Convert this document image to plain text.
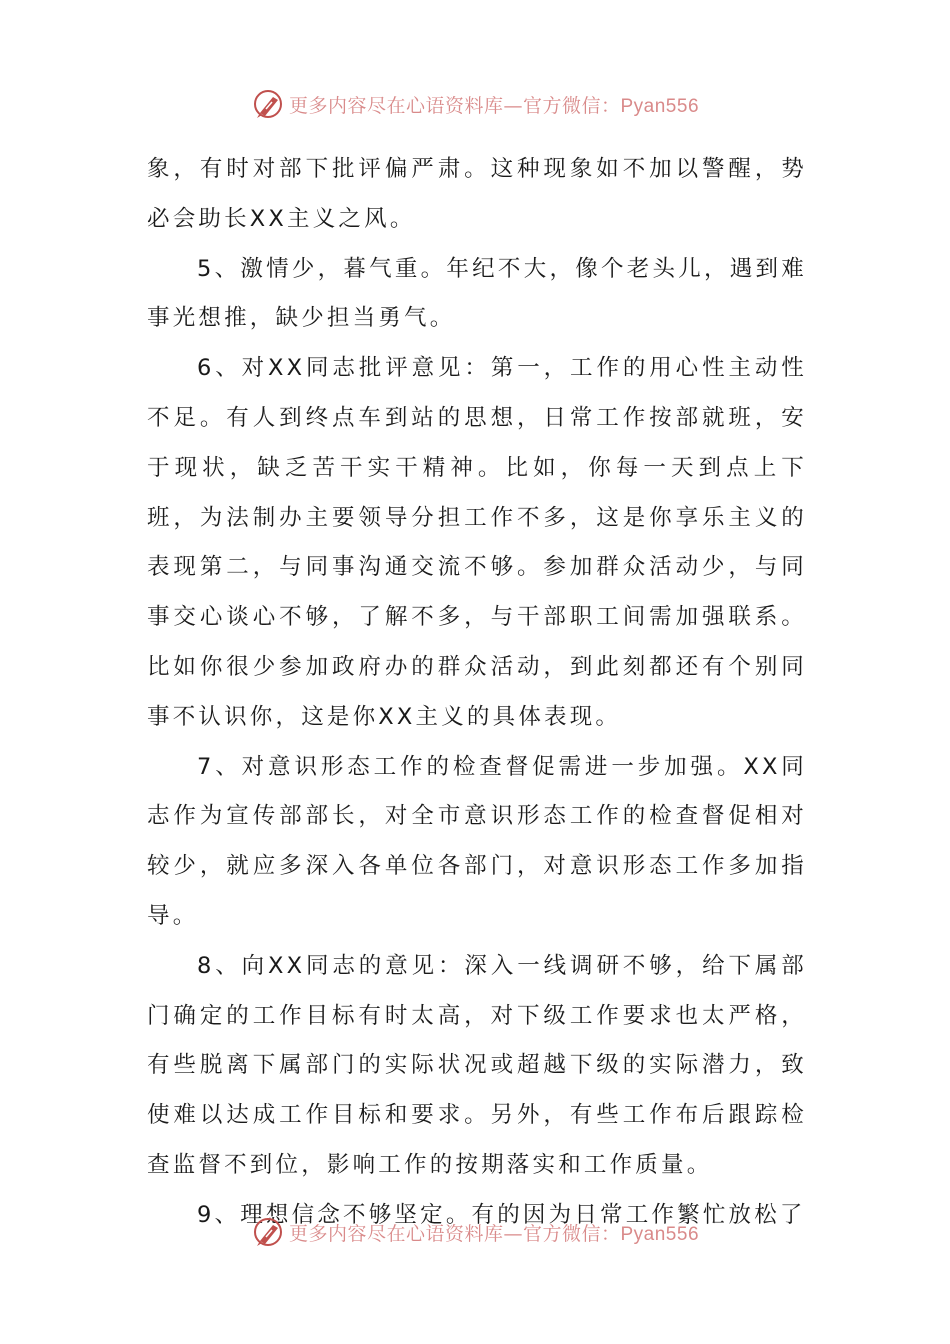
更多内容尽在心语资料库—官方微信：Pyan556

象，有时对部下批评偏严肃。这种现象如不加以警醒，势必会助长XX主义之风。

5、激情少，暮气重。年纪不大，像个老头儿，遇到难事光想推，缺少担当勇气。

6、对XX同志批评意见：第一，工作的用心性主动性不足。有人到终点车到站的思想，日常工作按部就班，安于现状，缺乏苦干实干精神。比如，你每一天到点上下班，为法制办主要领导分担工作不多，这是你享乐主义的表现第二，与同事沟通交流不够。参加群众活动少，与同事交心谈心不够，了解不多，与干部职工间需加强联系。比如你很少参加政府办的群众活动，到此刻都还有个别同事不认识你，这是你XX主义的具体表现。

7、对意识形态工作的检查督促需进一步加强。XX同志作为宣传部部长，对全市意识形态工作的检查督促相对较少，就应多深入各单位各部门，对意识形态工作多加指导。

8、向XX同志的意见：深入一线调研不够，给下属部门确定的工作目标有时太高，对下级工作要求也太严格，有些脱离下属部门的实际状况或超越下级的实际潜力，致使难以达成工作目标和要求。另外，有些工作布后跟踪检查监督不到位，影响工作的按期落实和工作质量。

9、理想信念不够坚定。有的因为日常工作繁忙放松了

更多内容尽在心语资料库—官方微信：Pyan556
